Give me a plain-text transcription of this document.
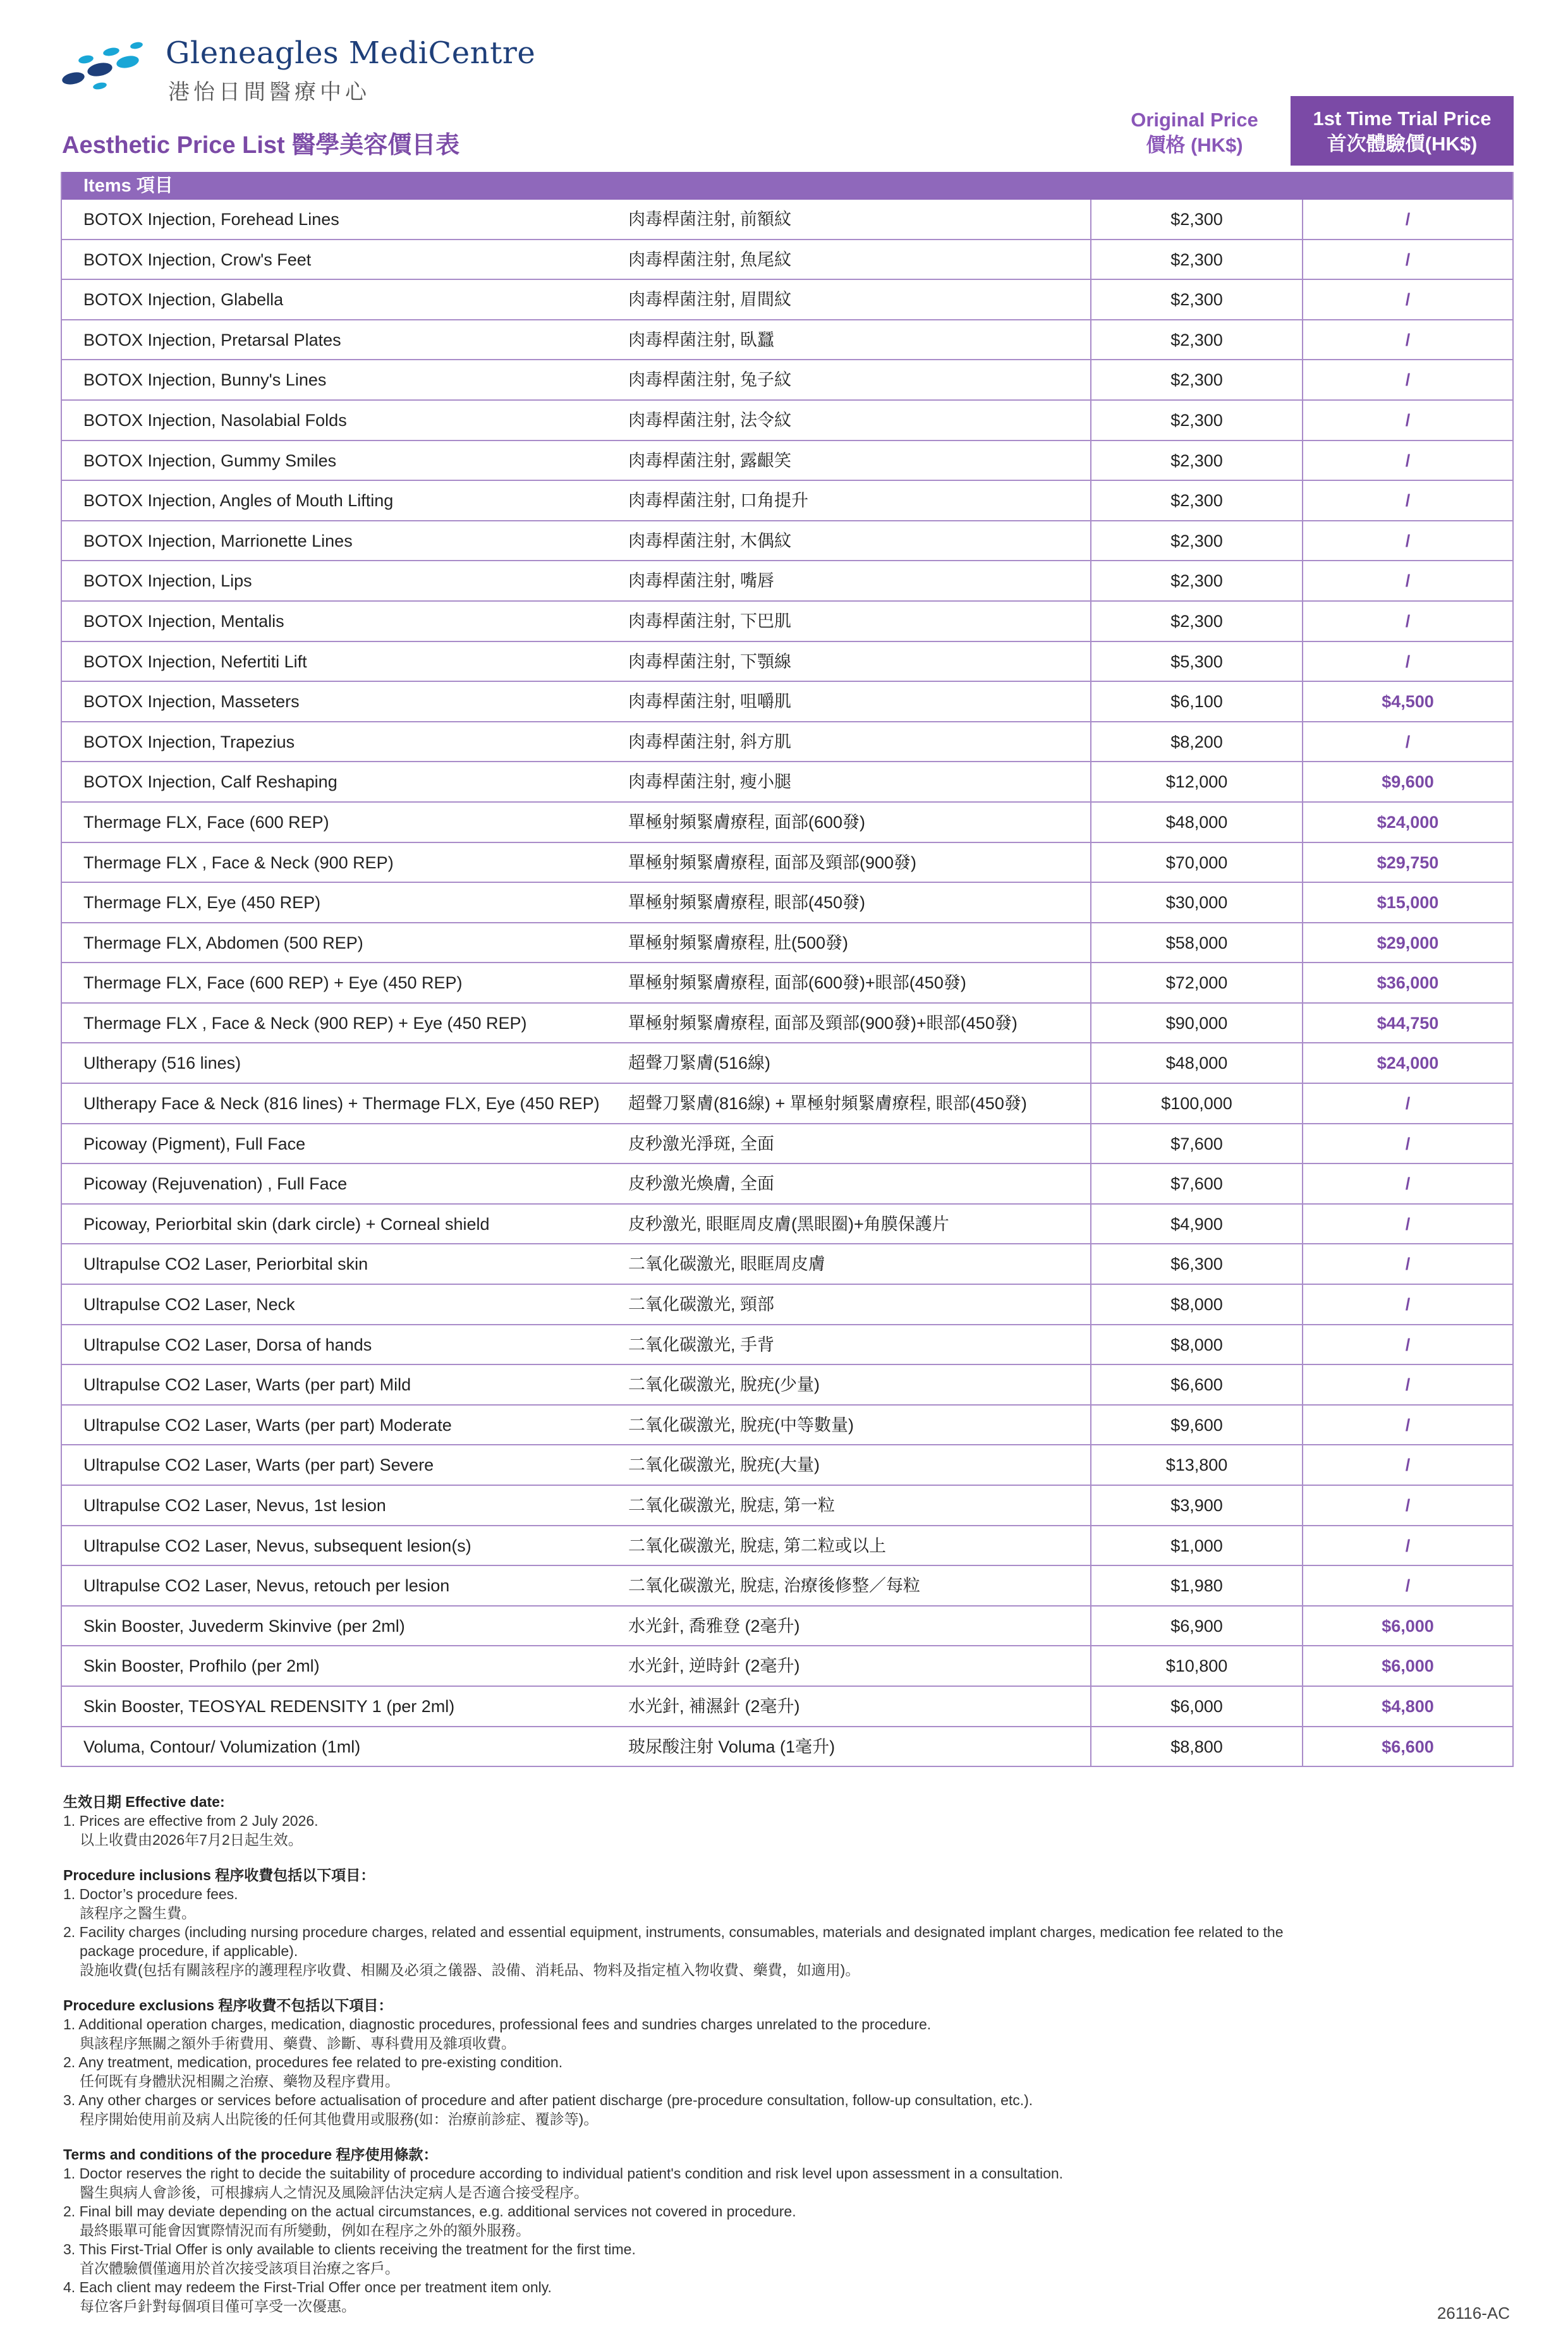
Gleneagles MediCentre
港怡日間醫療中心
Aesthetic Price List 醫學美容價目表
Original Price
價格 (HK$)
1st Time Trial Price
首次體驗價(HK$)
Items 項目
BOTOX Injection, Forehead Lines	肉毒桿菌注射, 前額紋	$2,300	/
BOTOX Injection, Crow's Feet	肉毒桿菌注射, 魚尾紋	$2,300	/
BOTOX Injection, Glabella	肉毒桿菌注射, 眉間紋	$2,300	/
BOTOX Injection, Pretarsal Plates	肉毒桿菌注射, 臥蠶	$2,300	/
BOTOX Injection, Bunny's Lines	肉毒桿菌注射, 兔子紋	$2,300	/
BOTOX Injection, Nasolabial Folds	肉毒桿菌注射, 法令紋	$2,300	/
BOTOX Injection, Gummy Smiles	肉毒桿菌注射, 露齦笑	$2,300	/
BOTOX Injection, Angles of Mouth Lifting	肉毒桿菌注射, 口角提升	$2,300	/
BOTOX Injection, Marrionette Lines	肉毒桿菌注射, 木偶紋	$2,300	/
BOTOX Injection, Lips	肉毒桿菌注射, 嘴唇	$2,300	/
BOTOX Injection, Mentalis	肉毒桿菌注射, 下巴肌	$2,300	/
BOTOX Injection, Nefertiti Lift	肉毒桿菌注射, 下顎線	$5,300	/
BOTOX Injection, Masseters	肉毒桿菌注射, 咀嚼肌	$6,100	$4,500
BOTOX Injection, Trapezius	肉毒桿菌注射, 斜方肌	$8,200	/
BOTOX Injection, Calf Reshaping	肉毒桿菌注射, 瘦小腿	$12,000	$9,600
Thermage FLX, Face (600 REP)	單極射頻緊膚療程, 面部(600發)	$48,000	$24,000
Thermage FLX , Face & Neck (900 REP)	單極射頻緊膚療程, 面部及頸部(900發)	$70,000	$29,750
Thermage FLX, Eye (450 REP)	單極射頻緊膚療程, 眼部(450發)	$30,000	$15,000
Thermage FLX, Abdomen (500 REP)	單極射頻緊膚療程, 肚(500發)	$58,000	$29,000
Thermage FLX, Face (600 REP) + Eye (450 REP)	單極射頻緊膚療程, 面部(600發)+眼部(450發)	$72,000	$36,000
Thermage FLX , Face & Neck (900 REP) + Eye (450 REP)	單極射頻緊膚療程, 面部及頸部(900發)+眼部(450發)	$90,000	$44,750
Ultherapy (516 lines)	超聲刀緊膚(516線)	$48,000	$24,000
Ultherapy Face & Neck (816 lines) + Thermage FLX, Eye (450 REP) 超聲刀緊膚(816線) + 單極射頻緊膚療程, 眼部(450發)	$100,000	/
Picoway (Pigment), Full Face	皮秒激光淨斑, 全面	$7,600	/
Picoway (Rejuvenation) , Full Face	皮秒激光煥膚, 全面	$7,600	/
Picoway, Periorbital skin (dark circle) + Corneal shield	皮秒激光, 眼眶周皮膚(黑眼圈)+角膜保護片	$4,900	/
Ultrapulse CO2 Laser, Periorbital skin	二氧化碳激光, 眼眶周皮膚	$6,300	/
Ultrapulse CO2 Laser, Neck	二氧化碳激光, 頸部	$8,000	/
Ultrapulse CO2 Laser, Dorsa of hands	二氧化碳激光, 手背	$8,000	/
Ultrapulse CO2 Laser, Warts (per part) Mild	二氧化碳激光, 脫疣(少量)	$6,600	/
Ultrapulse CO2 Laser, Warts (per part) Moderate	二氧化碳激光, 脫疣(中等數量)	$9,600	/
Ultrapulse CO2 Laser, Warts (per part) Severe	二氧化碳激光, 脫疣(大量)	$13,800	/
Ultrapulse CO2 Laser, Nevus, 1st lesion	二氧化碳激光, 脫痣, 第一粒	$3,900	/
Ultrapulse CO2 Laser, Nevus, subsequent lesion(s)	二氧化碳激光, 脫痣, 第二粒或以上	$1,000	/
Ultrapulse CO2 Laser, Nevus, retouch per lesion	二氧化碳激光, 脫痣, 治療後修整／每粒	$1,980	/
Skin Booster, Juvederm Skinvive (per 2ml)	水光針, 喬雅登 (2毫升)	$6,900	$6,000
Skin Booster, Profhilo (per 2ml)	水光針, 逆時針 (2毫升)	$10,800	$6,000
Skin Booster, TEOSYAL REDENSITY 1 (per 2ml)	水光針, 補濕針 (2毫升)	$6,000	$4,800
Voluma, Contour/ Volumization (1ml)	玻尿酸注射 Voluma (1毫升)	$8,800	$6,600
生效日期 Effective date:
1. Prices are effective from 2 July 2026.
以上收費由2026年7月2日起生效。
Procedure inclusions 程序收費包括以下項目：
1. Doctor’s procedure fees.
該程序之醫生費。
2. Facility charges (including nursing procedure charges, related and essential equipment, instruments, consumables, materials and designated implant charges, medication fee related to the
package procedure, if applicable).
設施收費(包括有關該程序的護理程序收費、相關及必須之儀器、設備、消耗品、物料及指定植入物收費、藥費，如適用)。
Procedure exclusions 程序收費不包括以下項目：
1. Additional operation charges, medication, diagnostic procedures, professional fees and sundries charges unrelated to the procedure.
與該程序無關之額外手術費用、藥費、診斷、專科費用及雜項收費。
2. Any treatment, medication, procedures fee related to pre-existing condition.
任何既有身體狀況相關之治療、藥物及程序費用。
3. Any other charges or services before actualisation of procedure and after patient discharge (pre-procedure consultation, follow-up consultation, etc.).
程序開始使用前及病人出院後的任何其他費用或服務(如：治療前診症、覆診等)。
Terms and conditions of the procedure 程序使用條款：
1. Doctor reserves the right to decide the suitability of procedure according to individual patient's condition and risk level upon assessment in a consultation.
醫生與病人會診後，可根據病人之情況及風險評估決定病人是否適合接受程序。
2. Final bill may deviate depending on the actual circumstances, e.g. additional services not covered in procedure.
最終賬單可能會因實際情況而有所變動，例如在程序之外的額外服務。
3. This First-Trial Offer is only available to clients receiving the treatment for the first time.
首次體驗價僅適用於首次接受該項目治療之客戶。
4. Each client may redeem the First-Trial Offer once per treatment item only.
每位客戶針對每個項目僅可享受一次優惠。	26116-AC
